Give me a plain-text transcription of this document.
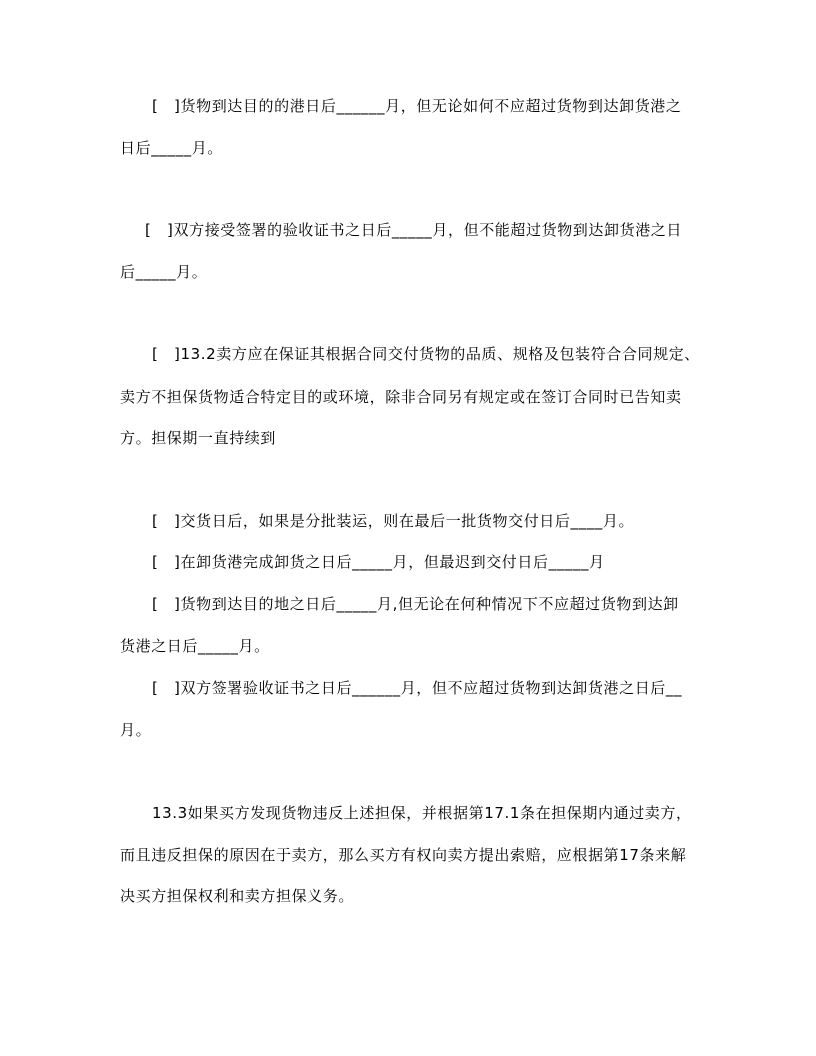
[　]货物到达目的的港日后______月，但无论如何不应超过货物到达卸货港之
日后_____月。
[　]双方接受签署的验收证书之日后_____月，但不能超过货物到达卸货港之日
后_____月。
[　]13.2卖方应在保证其根据合同交付货物的品质、规格及包装符合合同规定、
卖方不担保货物适合特定目的或环境，除非合同另有规定或在签订合同时已告知卖
方。担保期一直持续到
[　]交货日后，如果是分批装运，则在最后一批货物交付日后____月。
[　]在卸货港完成卸货之日后_____月，但最迟到交付日后_____月
[　]货物到达目的地之日后_____月,但无论在何种情况下不应超过货物到达卸
货港之日后_____月。
[　]双方签署验收证书之日后______月，但不应超过货物到达卸货港之日后__
月。
13.3如果买方发现货物违反上述担保，并根据第17.1条在担保期内通过卖方，
而且违反担保的原因在于卖方，那么买方有权向卖方提出索赔，应根据第17条来解
决买方担保权利和卖方担保义务。
